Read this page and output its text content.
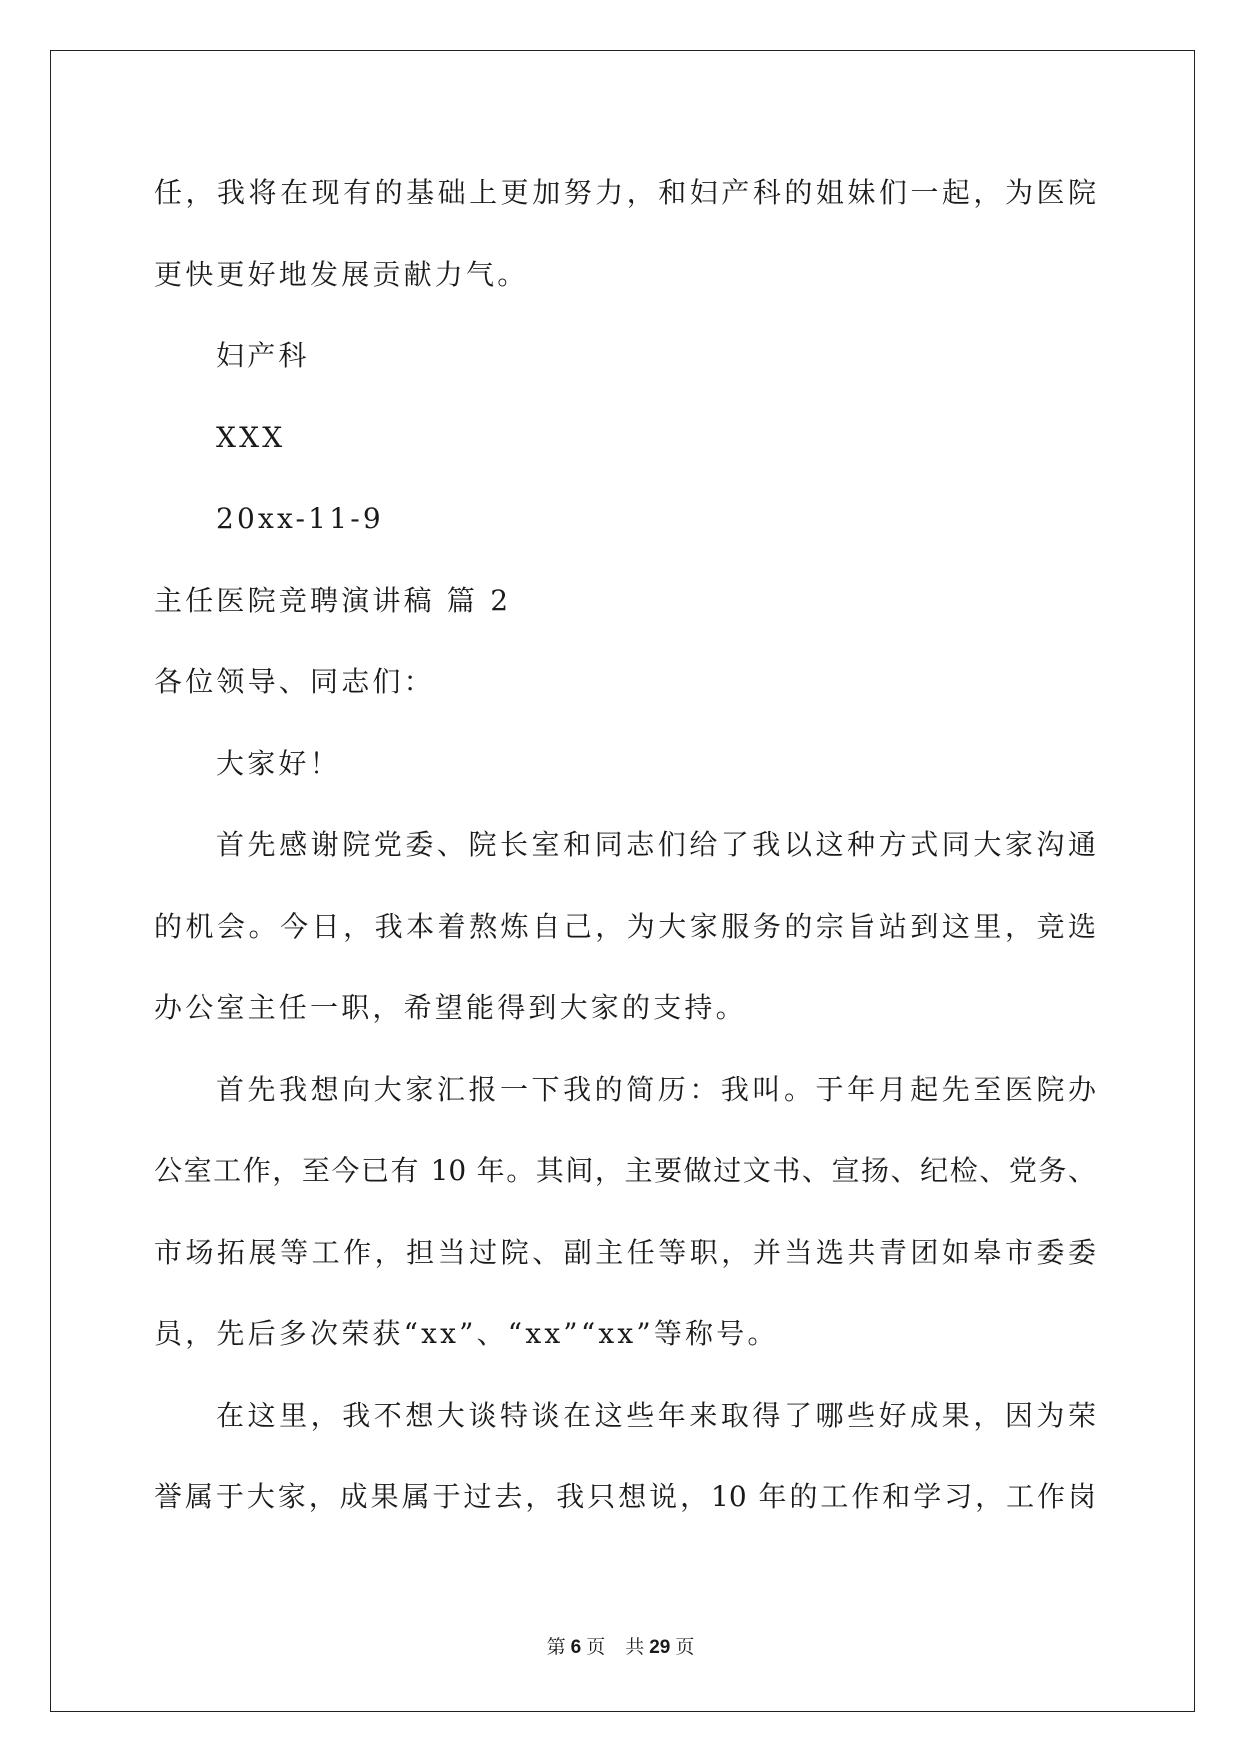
任，我将在现有的基础上更加努力，和妇产科的姐妹们一起，为医院
更快更好地发展贡献力气。
妇产科
XXX
20xx-11-9
主任医院竞聘演讲稿 篇 2
各位领导、同志们：
大家好！
首先感谢院党委、院长室和同志们给了我以这种方式同大家沟通
的机会。今日，我本着熬炼自己，为大家服务的宗旨站到这里，竞选
办公室主任一职，希望能得到大家的支持。
首先我想向大家汇报一下我的简历：我叫。于年月起先至医院办
公室工作，至今已有 10 年。其间，主要做过文书、宣扬、纪检、党务、
市场拓展等工作，担当过院、副主任等职，并当选共青团如皋市委委
员，先后多次荣获“xx”、“xx”“xx”等称号。
在这里，我不想大谈特谈在这些年来取得了哪些好成果，因为荣
誉属于大家，成果属于过去，我只想说，10 年的工作和学习，工作岗
第 6 页 共 29 页
